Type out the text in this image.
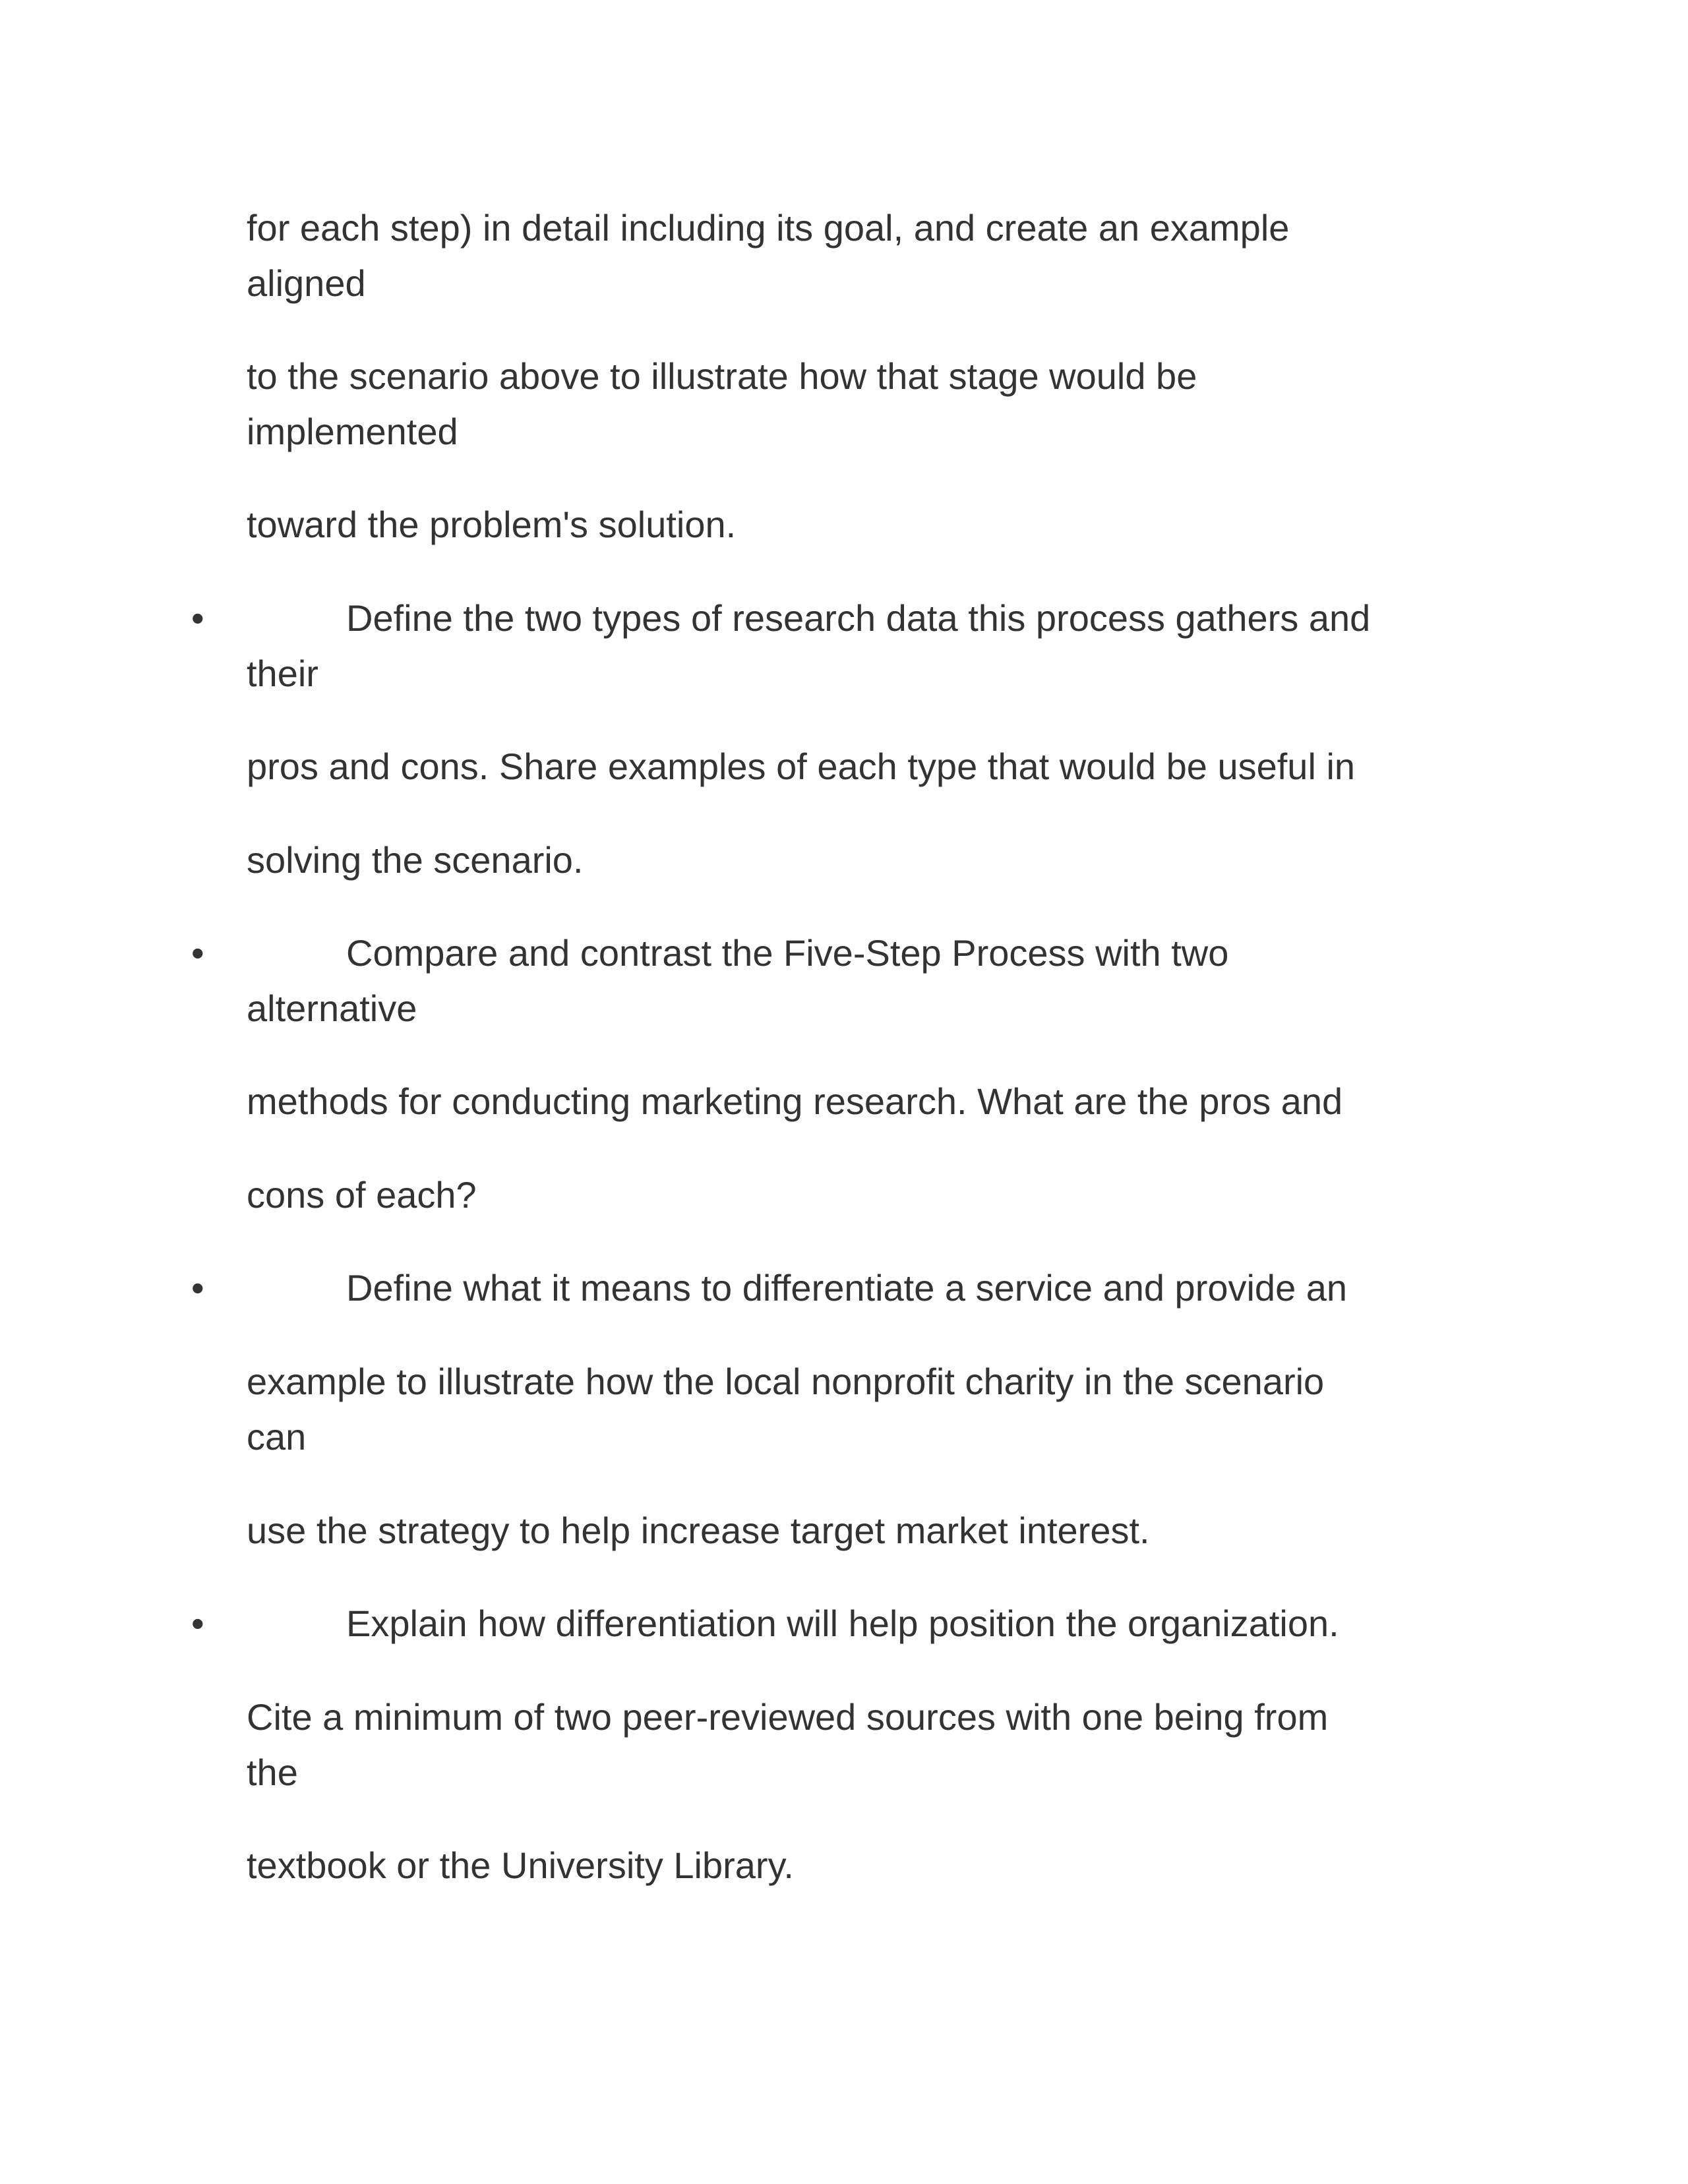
for each step) in detail including its goal, and create an example
aligned
to the scenario above to illustrate how that stage would be
implemented
toward the problem's solution.
•	Define the two types of research data this process gathers and
their
pros and cons. Share examples of each type that would be useful in
solving the scenario.
•	Compare and contrast the Five-Step Process with two
alternative
methods for conducting marketing research. What are the pros and
cons of each?
•	Define what it means to differentiate a service and provide an
example to illustrate how the local nonprofit charity in the scenario
can
use the strategy to help increase target market interest.
•	Explain how differentiation will help position the organization.
Cite a minimum of two peer-reviewed sources with one being from
the
textbook or the University Library.
